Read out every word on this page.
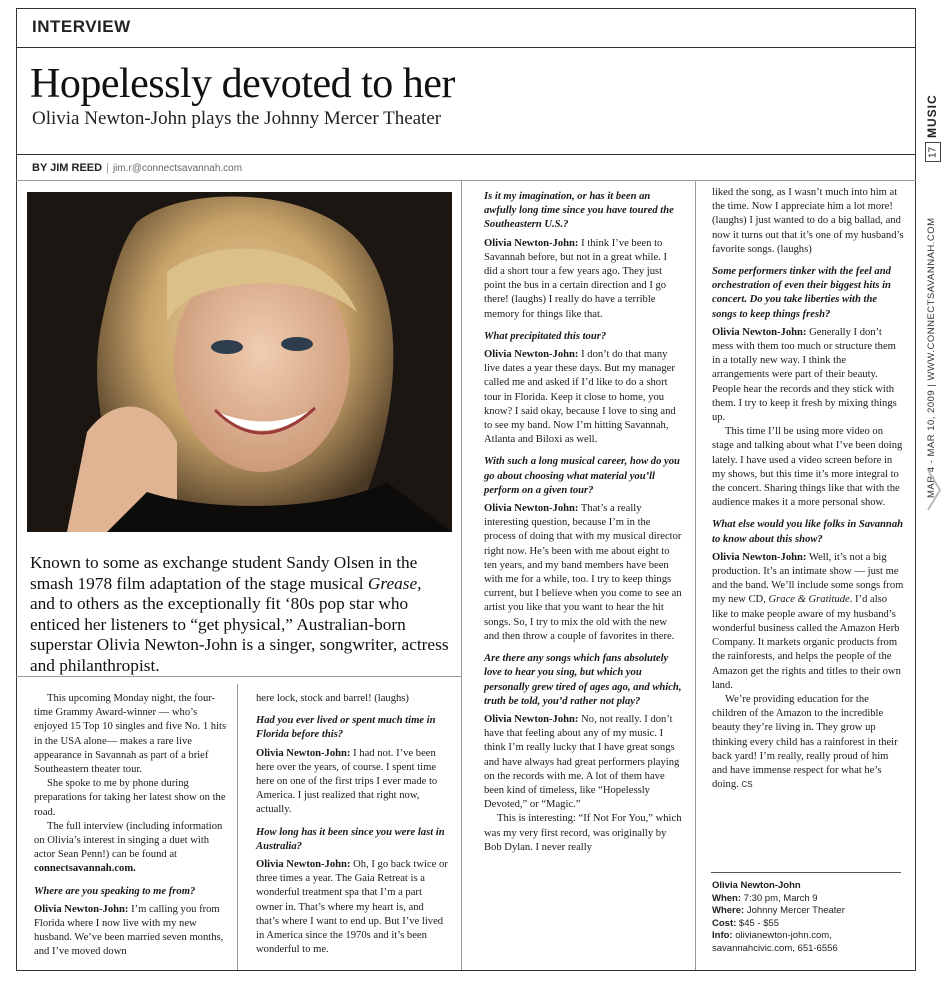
INTERVIEW
Hopelessly devoted to her
Olivia Newton-John plays the Johnny Mercer Theater
BY JIM REED | jim.r@connectsavannah.com
Known to some as exchange student Sandy Olsen in the smash 1978 film adaptation of the stage musical Grease, and to others as the exceptionally fit ‘80s pop star who enticed her listeners to “get physical,” Australian-born superstar Olivia Newton-John is a singer, songwriter, actress and philanthropist.

This upcoming Monday night, the four-time Grammy Award-winner — who’s enjoyed 15 Top 10 singles and five No. 1 hits in the USA alone— makes a rare live appearance in Savannah as part of a brief Southeastern theater tour.

She spoke to me by phone during preparations for taking her latest show on the road.

The full interview (including information on Olivia’s interest in singing a duet with actor Sean Penn!) can be found at connectsavannah.com.

Where are you speaking to me from?

Olivia Newton-John: I’m calling you from Florida where I now live with my new husband. We’ve been married seven months, and I’ve moved down

here lock, stock and barrel! (laughs)

Had you ever lived or spent much time in Florida before this?

Olivia Newton-John: I had not. I’ve been here over the years, of course. I spent time here on one of the first trips I ever made to America. I just realized that right now, actually.

How long has it been since you were last in Australia?

Olivia Newton-John: Oh, I go back twice or three times a year. The Gaia Retreat is a wonderful treatment spa that I’m a part owner in. That’s where my heart is, and that’s where I want to end up. But I’ve lived in America since the 1970s and it’s been wonderful to me.

Is it my imagination, or has it been an awfully long time since you have toured the Southeastern U.S.?

Olivia Newton-John: I think I’ve been to Savannah before, but not in a great while. I did a short tour a few years ago. They just point the bus in a certain direction and I go there! (laughs) I really do have a terrible memory for things like that.

What precipitated this tour?

Olivia Newton-John: I don’t do that many live dates a year these days. But my manager called me and asked if I’d like to do a short tour in Florida. Keep it close to home, you know? I said okay, because I love to sing and to see my band. Now I’m hitting Savannah, Atlanta and Biloxi as well.

With such a long musical career, how do you go about choosing what material you’ll perform on a given tour?

Olivia Newton-John: That’s a really interesting question, because I’m in the process of doing that with my musical director right now. He’s been with me about eight to ten years, and my band members have been with me for a while, too. I try to keep things current, but I believe when you come to see an artist you like that you want to hear the hit songs. So, I try to mix the old with the new and then throw a couple of favorites in there.

Are there any songs which fans absolutely love to hear you sing, but which you personally grew tired of ages ago, and which, truth be told, you’d rather not play?

Olivia Newton-John: No, not really. I don’t have that feeling about any of my music. I think I’m really lucky that I have great songs and have always had great performers playing on the records with me. A lot of them have been kind of timeless, like “Hopelessly Devoted,” or “Magic.”

This is interesting: “If Not For You,” which was my very first record, was originally by Bob Dylan. I never really

liked the song, as I wasn’t much into him at the time. Now I appreciate him a lot more! (laughs) I just wanted to do a big ballad, and now it turns out that it’s one of my husband’s favorite songs. (laughs)

Some performers tinker with the feel and orchestration of even their biggest hits in concert. Do you take liberties with the songs to keep things fresh?

Olivia Newton-John: Generally I don’t mess with them too much or structure them in a totally new way. I think the arrangements were part of their beauty. People hear the records and they stick with them. I try to keep it fresh by mixing things up.

This time I’ll be using more video on stage and talking about what I’ve been doing lately. I have used a video screen before in my shows, but this time it’s more integral to the concert. Sharing things like that with the audience makes it a more personal show.

What else would you like folks in Savannah to know about this show?

Olivia Newton-John: Well, it’s not a big production. It’s an intimate show — just me and the band. We’ll include some songs from my new CD, Grace & Gratitude. I’d also like to make people aware of my husband’s wonderful business called the Amazon Herb Company. It markets organic products from the rainforests, and helps the people of the Amazon get the rights and titles to their own land.

We’re providing education for the children of the Amazon to the incredible beauty they’re living in. They grow up thinking every child has a rainforest in their back yard! I’m really, really proud of him and have immense respect for what he’s doing. CS

Olivia Newton-John
When: 7:30 pm, March 9
Where: Johnny Mercer Theater
Cost: $45 - $55
Info: olivianewton-john.com, savannahcivic.com, 651-6556
MUSIC
17
MAR 4 - MAR 10, 2009 | WWW.CONNECTSAVANNAH.COM
